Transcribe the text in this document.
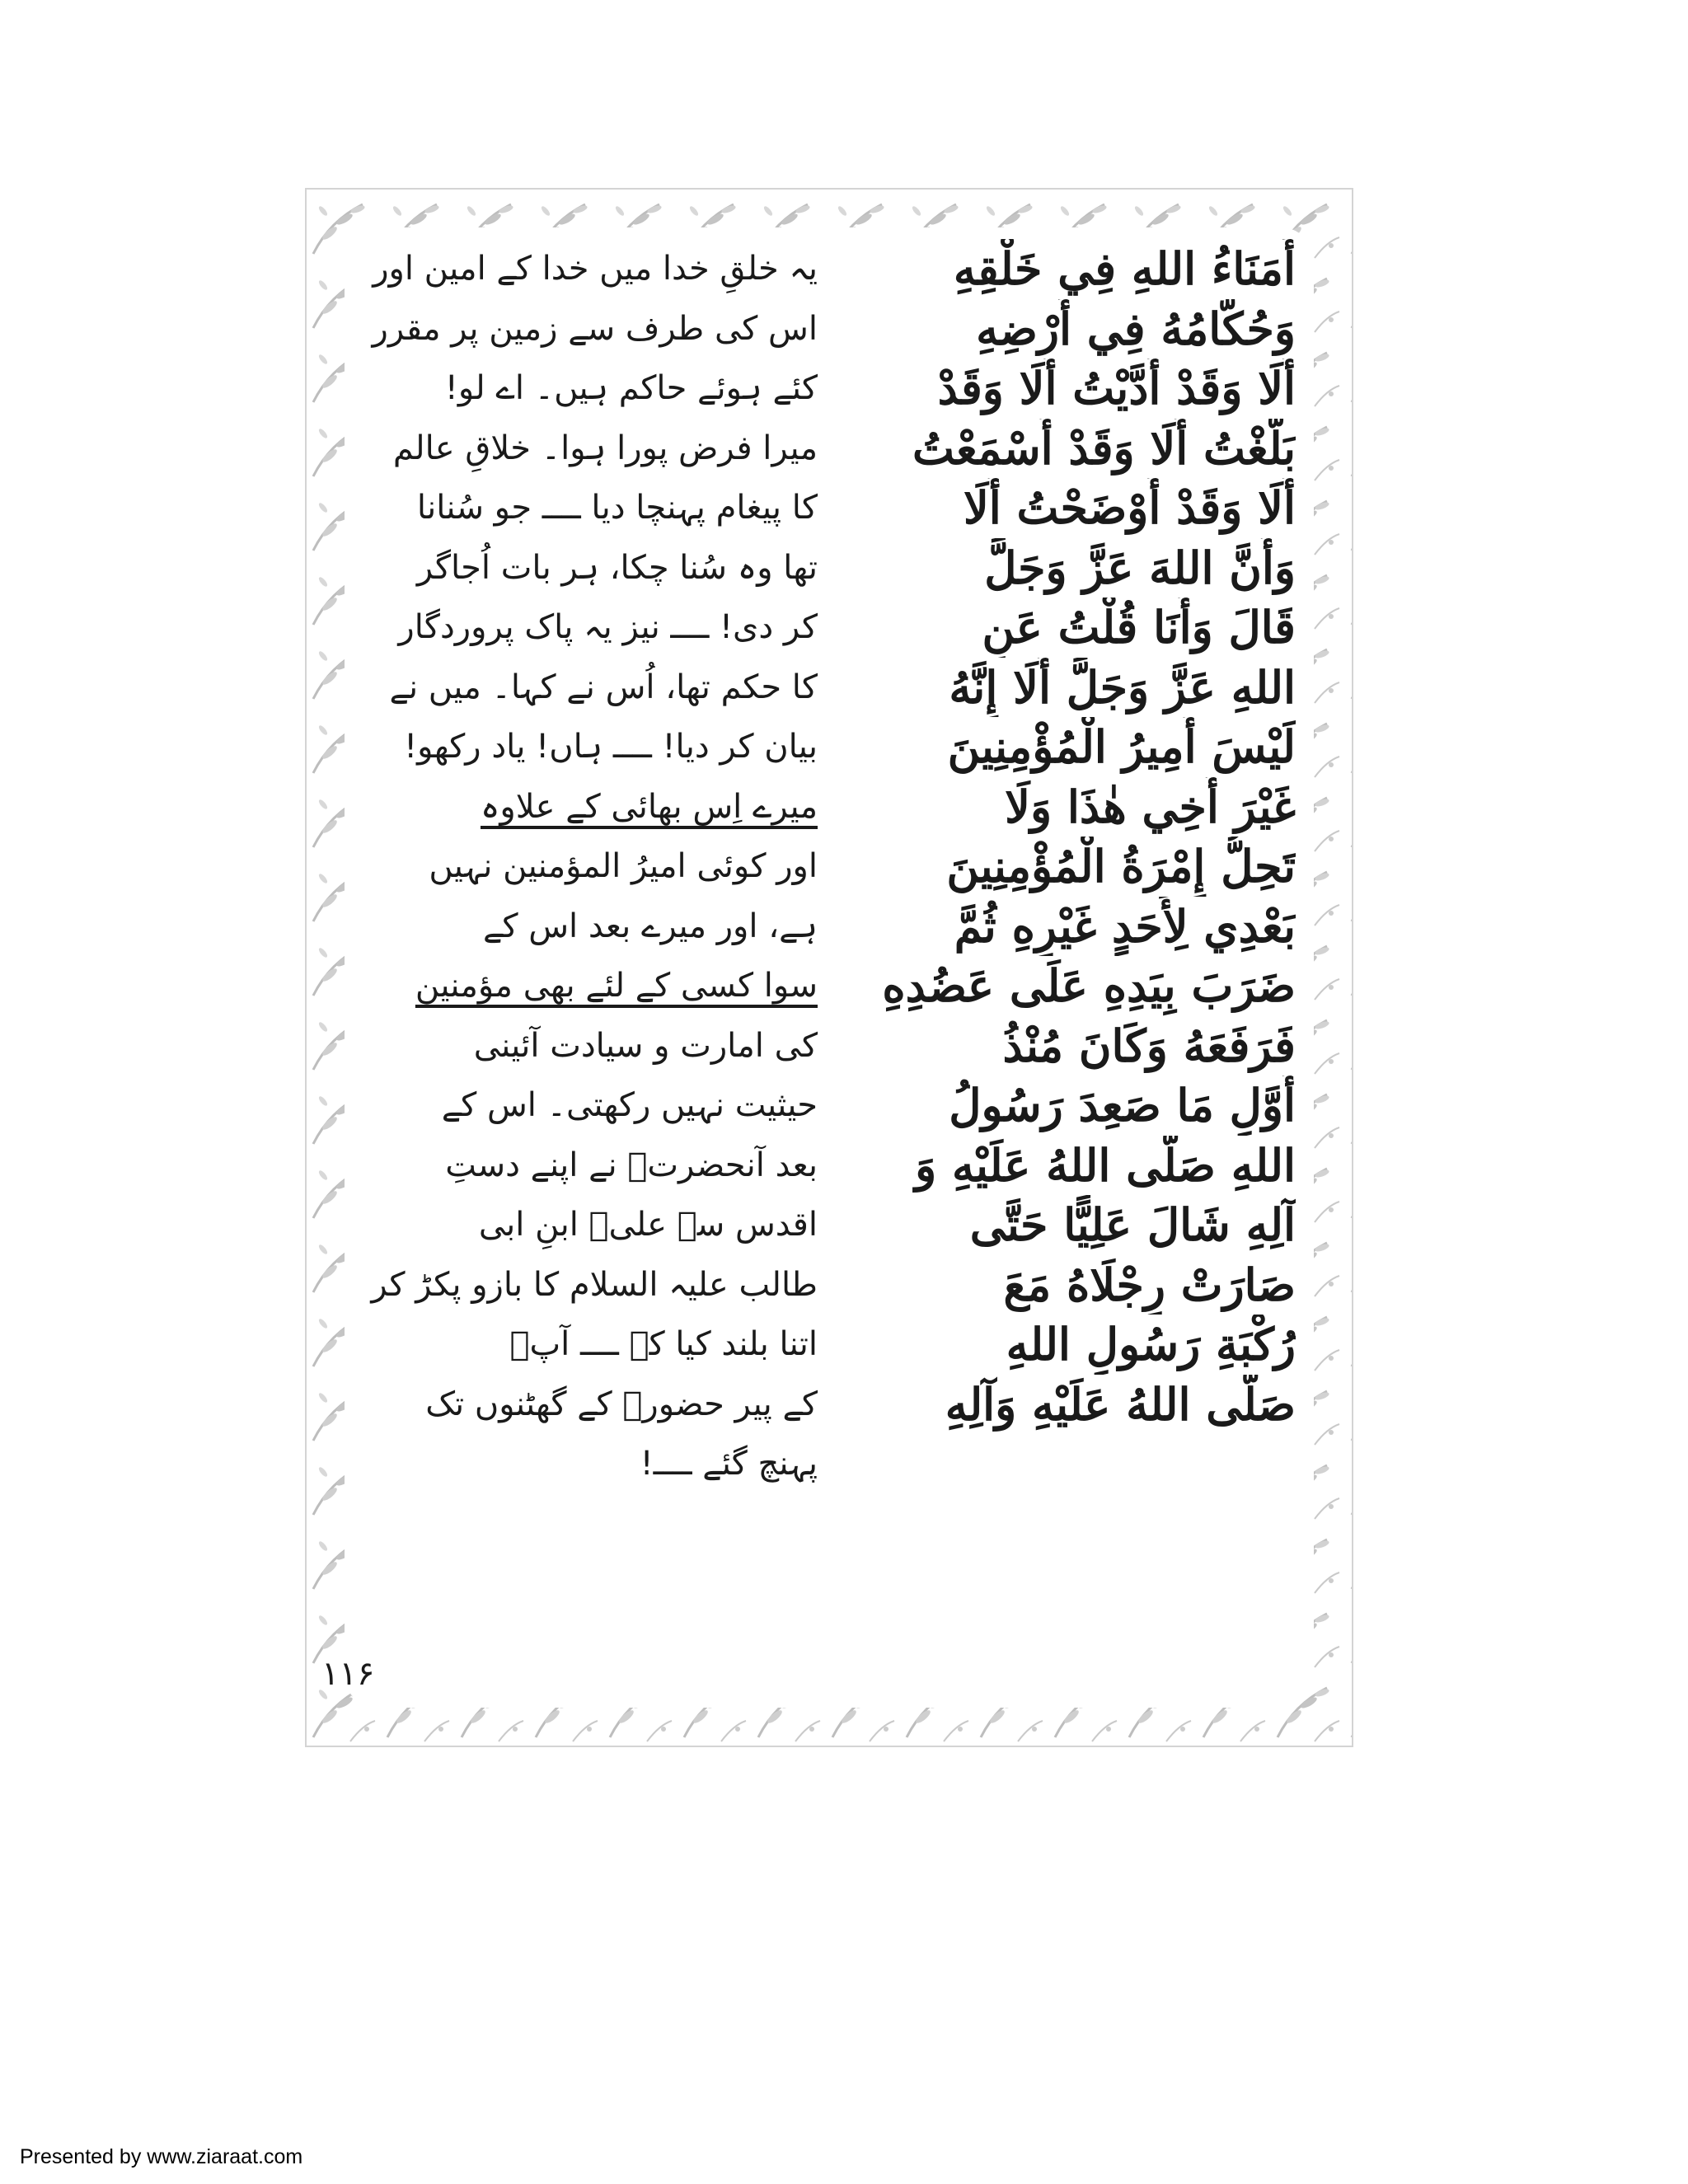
أُمَنَاءُ اللهِ فِي خَلْقِهِ
وَحُكَّامُهُ فِي أَرْضِهِ
أَلَا وَقَدْ أَدَّيْتُ أَلَا وَقَدْ
بَلَّغْتُ أَلَا وَقَدْ أَسْمَعْتُ
أَلَا وَقَدْ أَوْضَحْتُ أَلَا
وَأَنَّ اللهَ عَزَّ وَجَلَّ
قَالَ وَأَنَا قُلْتُ عَنِ
اللهِ عَزَّ وَجَلَّ أَلَا إِنَّهُ
لَيْسَ أَمِيرُ الْمُؤْمِنِينَ
غَيْرَ أَخِي هٰذَا وَلَا
تَحِلُّ إِمْرَةُ الْمُؤْمِنِينَ
بَعْدِي لِأَحَدٍ غَيْرِهِ ثُمَّ
ضَرَبَ بِيَدِهِ عَلَى عَضُدِهِ
فَرَفَعَهُ وَكَانَ مُنْذُ
أَوَّلِ مَا صَعِدَ رَسُولُ
اللهِ صَلَّى اللهُ عَلَيْهِ وَ
آلِهِ شَالَ عَلِيًّا حَتَّى
صَارَتْ رِجْلَاهُ مَعَ
رُكْبَةِ رَسُولِ اللهِ
صَلَّى اللهُ عَلَيْهِ وَآلِهِ
یہ خلقِ خدا میں خدا کے امین اور
اس کی طرف سے زمین پر مقرر
کئے ہوئے حاکم ہیں۔ اے لو!
میرا فرض پورا ہوا۔ خلاقِ عالم
کا پیغام پہنچا دیا ــــ جو سُنانا
تھا وہ سُنا چکا، ہر بات اُجاگر
کر دی! ــــ نیز یہ پاک پروردگار
کا حکم تھا، اُس نے کہا۔ میں نے
بیان کر دیا! ــــ ہاں! یاد رکھو!
میرے اِس بھائی کے علاوہ
اور کوئی امیرُ المؤمنین نہیں
ہے، اور میرے بعد اس کے
سوا کسی کے لئے بھی مؤمنین
کی امارت و سیادت آئینی
حیثیت نہیں رکھتی۔ اس کے
بعد آنحضرتؐ نے اپنے دستِ
اقدس سے علیؑ ابنِ ابی
طالب علیہ السلام کا بازو پکڑ کر
اتنا بلند کیا کہ ــــ آپؑ
کے پیر حضورؐ کے گھٹنوں تک
پہنچ گئے ــــ!
۱۱۶
Presented by www.ziaraat.com
